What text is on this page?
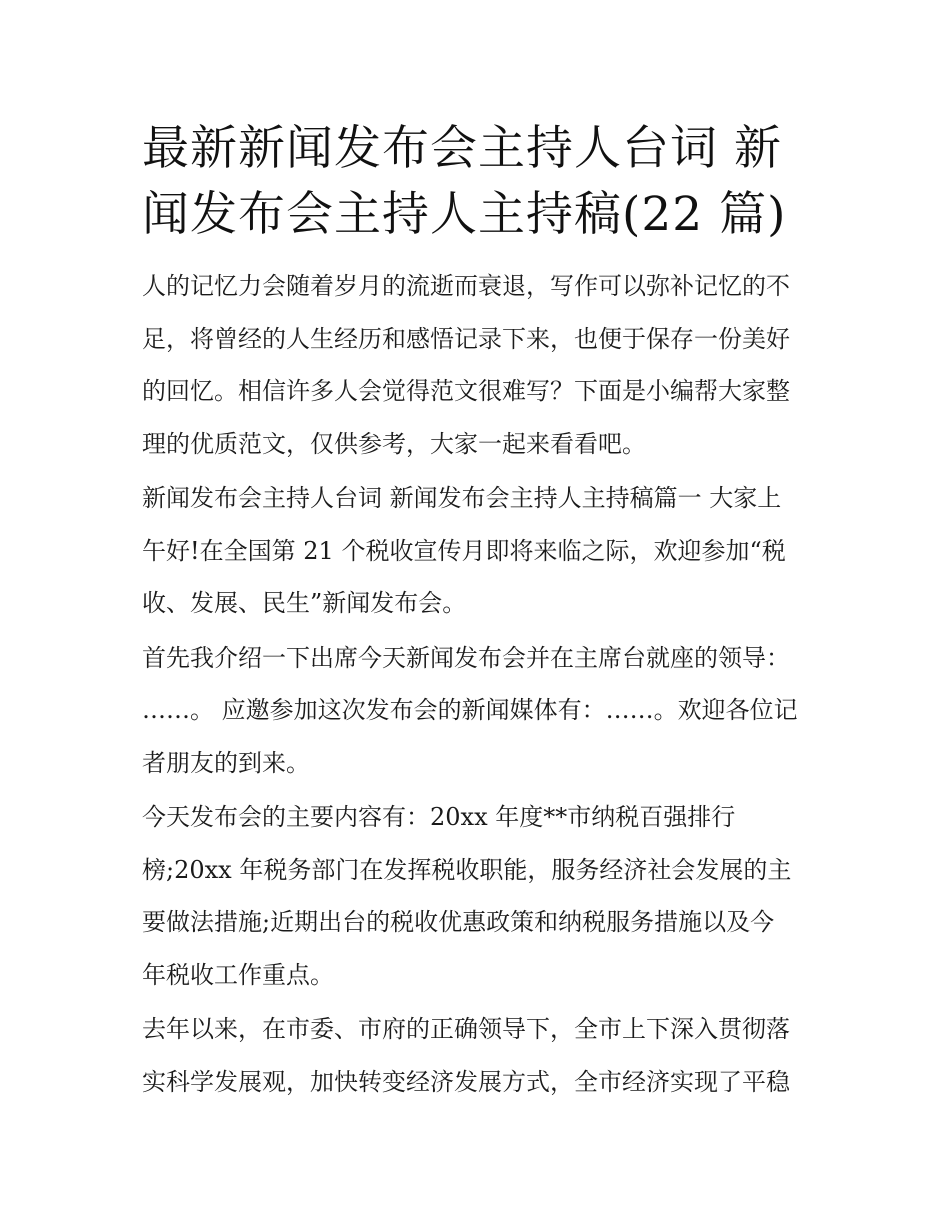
最新新闻发布会主持人台词 新
闻发布会主持人主持稿(22 篇)

人的记忆力会随着岁月的流逝而衰退，写作可以弥补记忆的不
足，将曾经的人生经历和感悟记录下来，也便于保存一份美好
的回忆。相信许多人会觉得范文很难写？下面是小编帮大家整
理的优质范文，仅供参考，大家一起来看看吧。

新闻发布会主持人台词 新闻发布会主持人主持稿篇一 大家上
午好!在全国第 21 个税收宣传月即将来临之际，欢迎参加“税
收、发展、民生”新闻发布会。

首先我介绍一下出席今天新闻发布会并在主席台就座的领导：
……。 应邀参加这次发布会的新闻媒体有：……。欢迎各位记
者朋友的到来。

今天发布会的主要内容有：20xx 年度**市纳税百强排行
榜;20xx 年税务部门在发挥税收职能，服务经济社会发展的主
要做法措施;近期出台的税收优惠政策和纳税服务措施以及今
年税收工作重点。

去年以来，在市委、市府的正确领导下，全市上下深入贯彻落
实科学发展观，加快转变经济发展方式，全市经济实现了平稳
